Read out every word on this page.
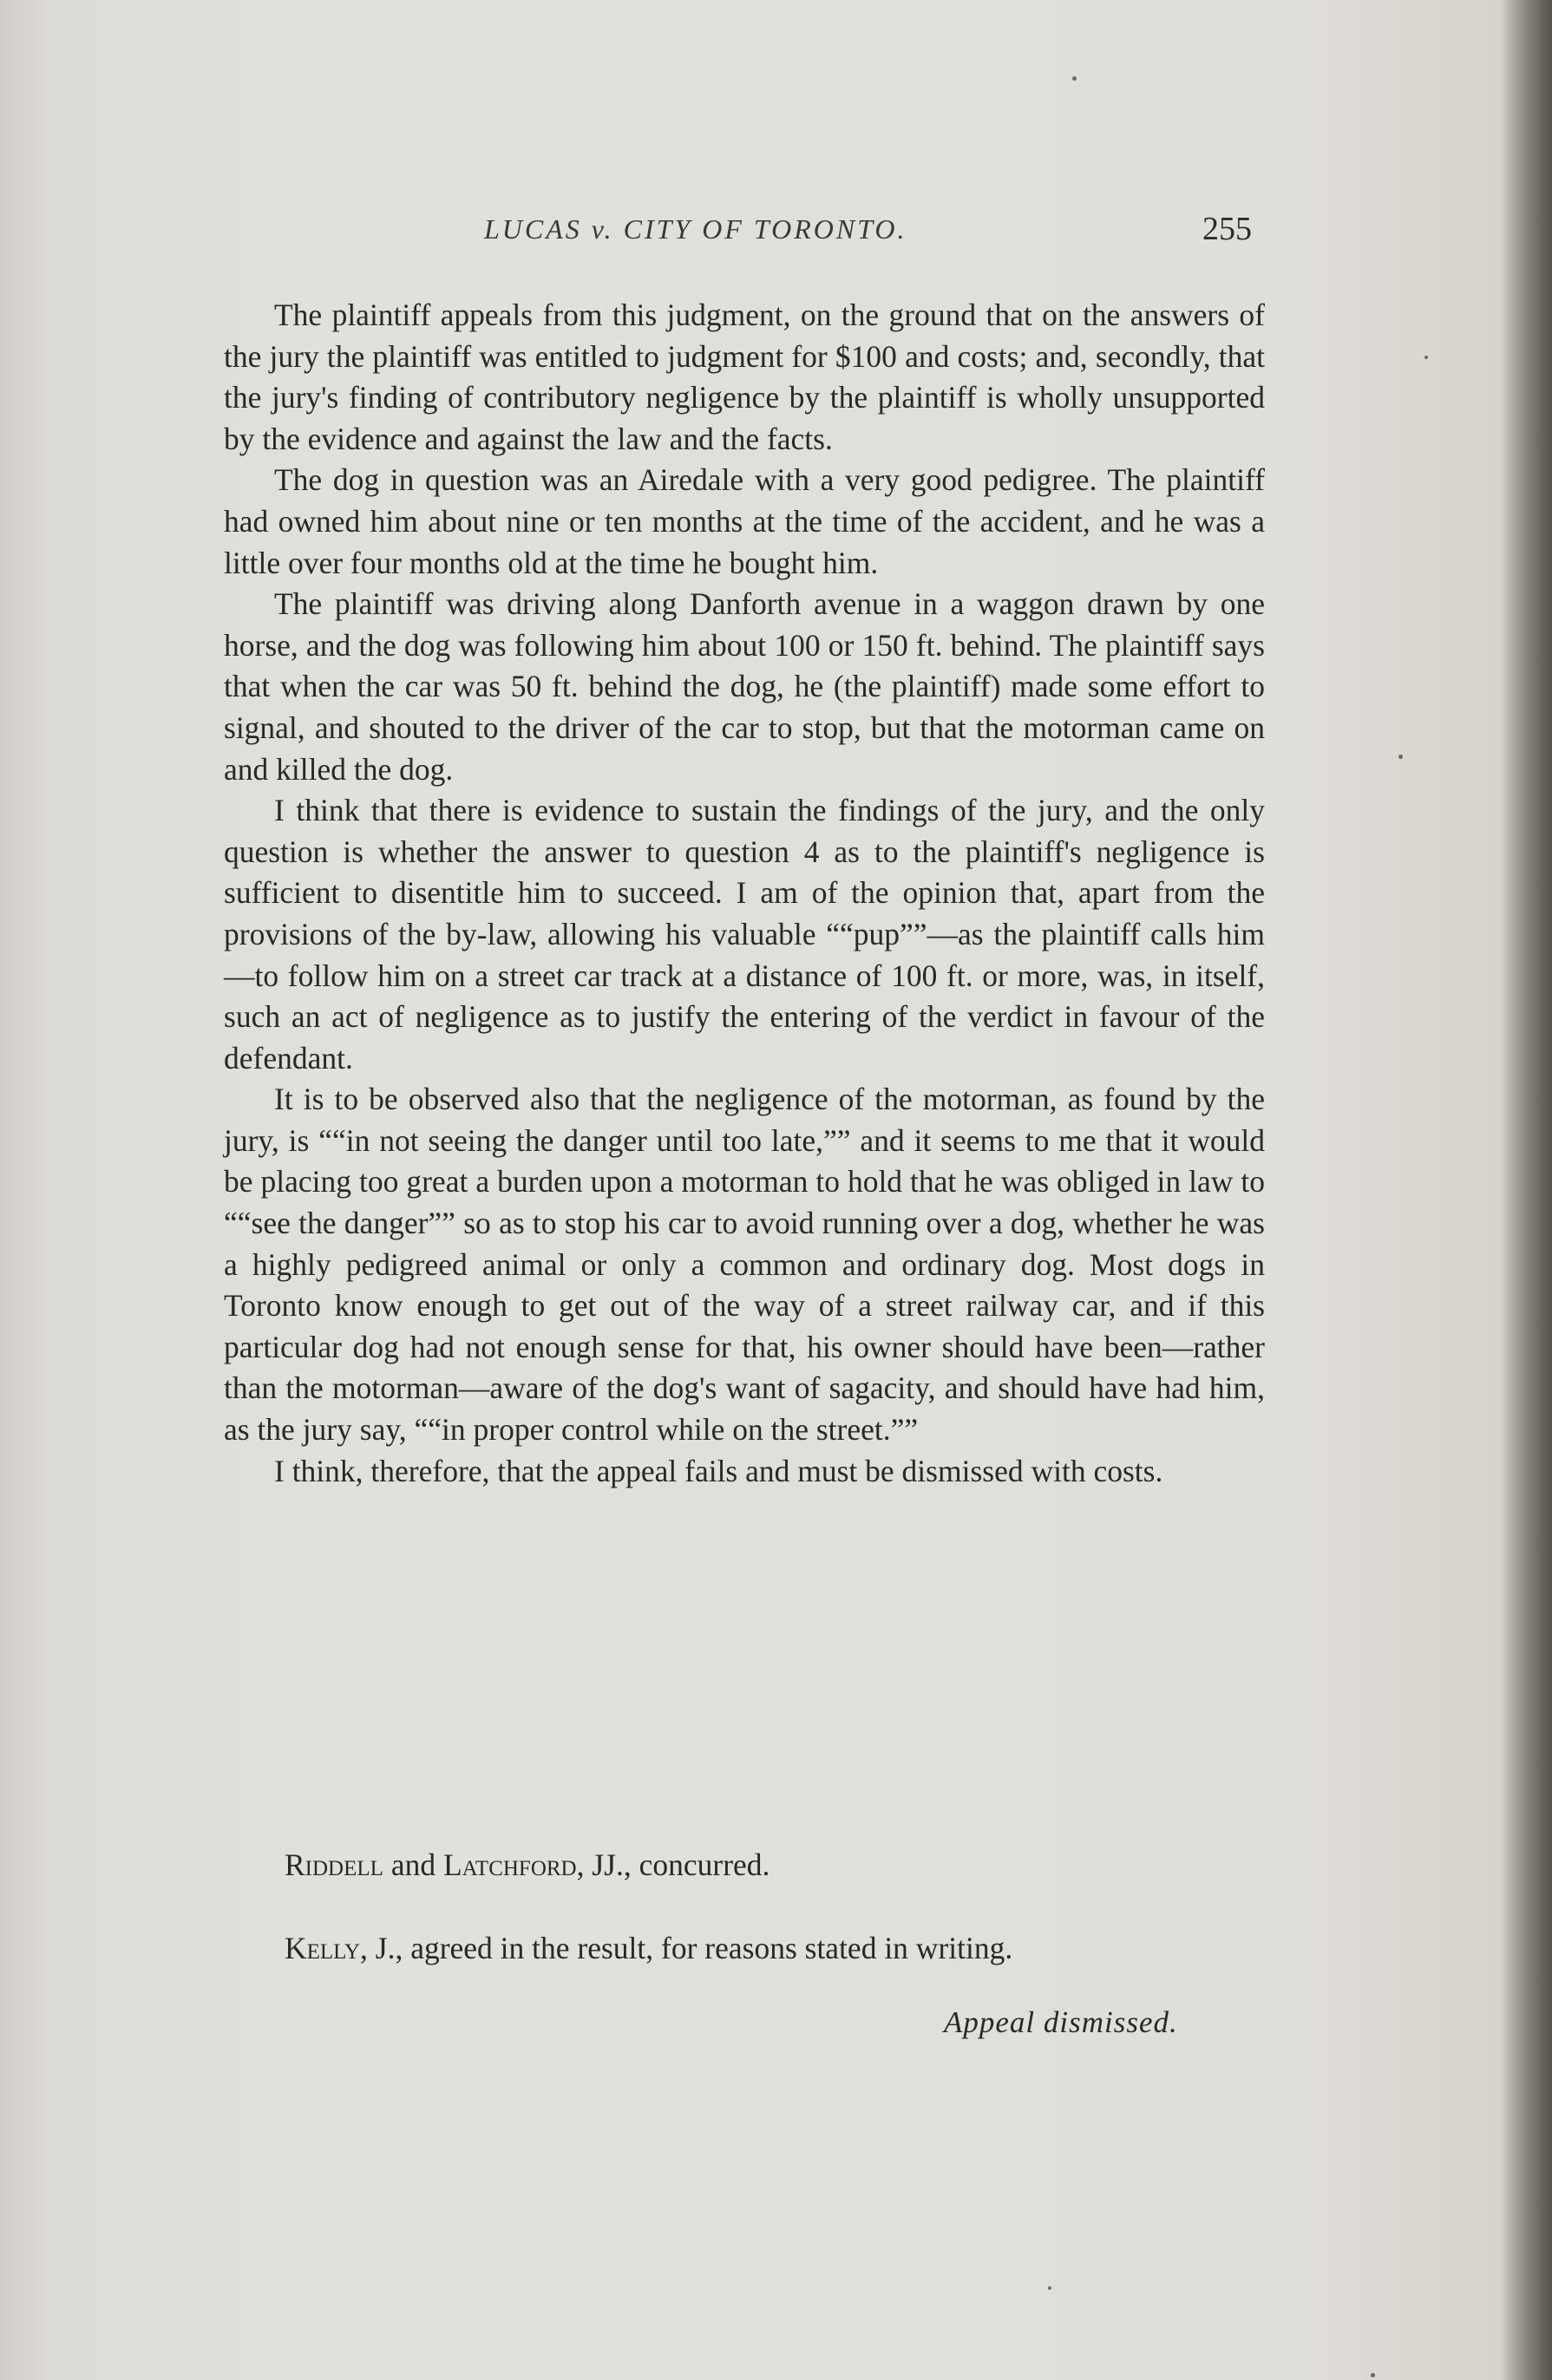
LUCAS v. CITY OF TORONTO.	255

The plaintiff appeals from this judgment, on the ground that on the answers of the jury the plaintiff was entitled to judgment for $100 and costs; and, secondly, that the jury's finding of contributory negligence by the plaintiff is wholly unsupported by the evidence and against the law and the facts.

The dog in question was an Airedale with a very good pedigree. The plaintiff had owned him about nine or ten months at the time of the accident, and he was a little over four months old at the time he bought him.

The plaintiff was driving along Danforth avenue in a waggon drawn by one horse, and the dog was following him about 100 or 150 ft. behind. The plaintiff says that when the car was 50 ft. behind the dog, he (the plaintiff) made some effort to signal, and shouted to the driver of the car to stop, but that the motorman came on and killed the dog.

I think that there is evidence to sustain the findings of the jury, and the only question is whether the answer to question 4 as to the plaintiff's negligence is sufficient to disentitle him to succeed. I am of the opinion that, apart from the provisions of the by-law, allowing his valuable ““pup””—as the plaintiff calls him—to follow him on a street car track at a distance of 100 ft. or more, was, in itself, such an act of negligence as to justify the entering of the verdict in favour of the defendant.

It is to be observed also that the negligence of the motorman, as found by the jury, is ““in not seeing the danger until too late,”” and it seems to me that it would be placing too great a burden upon a motorman to hold that he was obliged in law to ““see the danger”” so as to stop his car to avoid running over a dog, whether he was a highly pedigreed animal or only a common and ordinary dog. Most dogs in Toronto know enough to get out of the way of a street railway car, and if this particular dog had not enough sense for that, his owner should have been—rather than the motorman—aware of the dog's want of sagacity, and should have had him, as the jury say, ““in proper control while on the street.””

I think, therefore, that the appeal fails and must be dismissed with costs.

Riddell and Latchford, JJ., concurred.
Kelly, J., agreed in the result, for reasons stated in writing.
Appeal dismissed.
